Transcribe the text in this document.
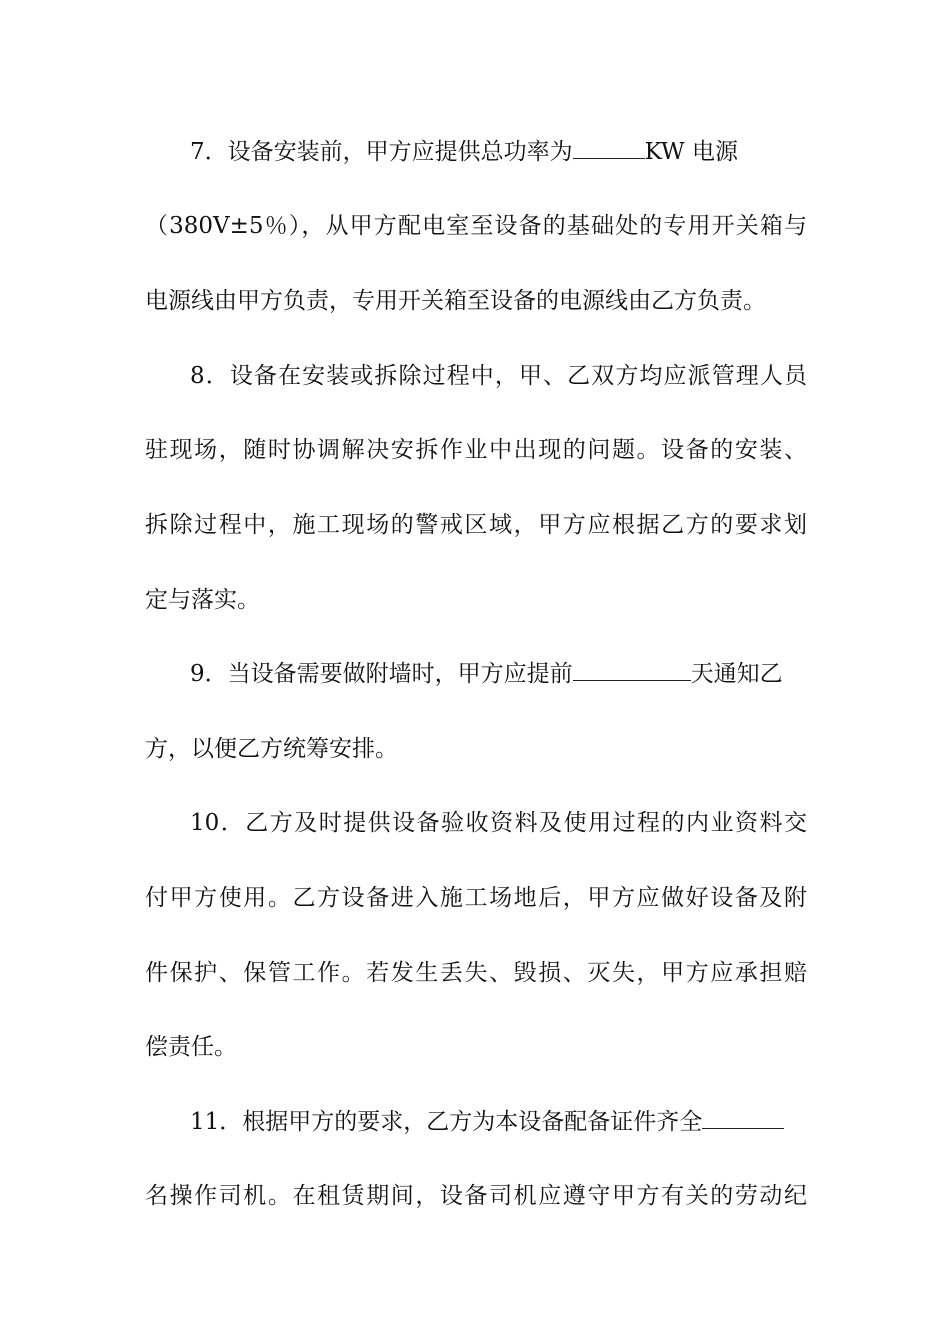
7．设备安装前，甲方应提供总功率为	KW 电源
（380V±5％），从甲方配电室至设备的基础处的专用开关箱与
电源线由甲方负责，专用开关箱至设备的电源线由乙方负责。
8．设备在安装或拆除过程中，甲、乙双方均应派管理人员
驻现场，随时协调解决安拆作业中出现的问题。设备的安装、
拆除过程中，施工现场的警戒区域，甲方应根据乙方的要求划
定与落实。
9．当设备需要做附墙时，甲方应提前	天通知乙
方，以便乙方统筹安排。
10．乙方及时提供设备验收资料及使用过程的内业资料交
付甲方使用。乙方设备进入施工场地后，甲方应做好设备及附
件保护、保管工作。若发生丢失、毁损、灭失，甲方应承担赔
偿责任。
11．根据甲方的要求，乙方为本设备配备证件齐全
名操作司机。在租赁期间，设备司机应遵守甲方有关的劳动纪
